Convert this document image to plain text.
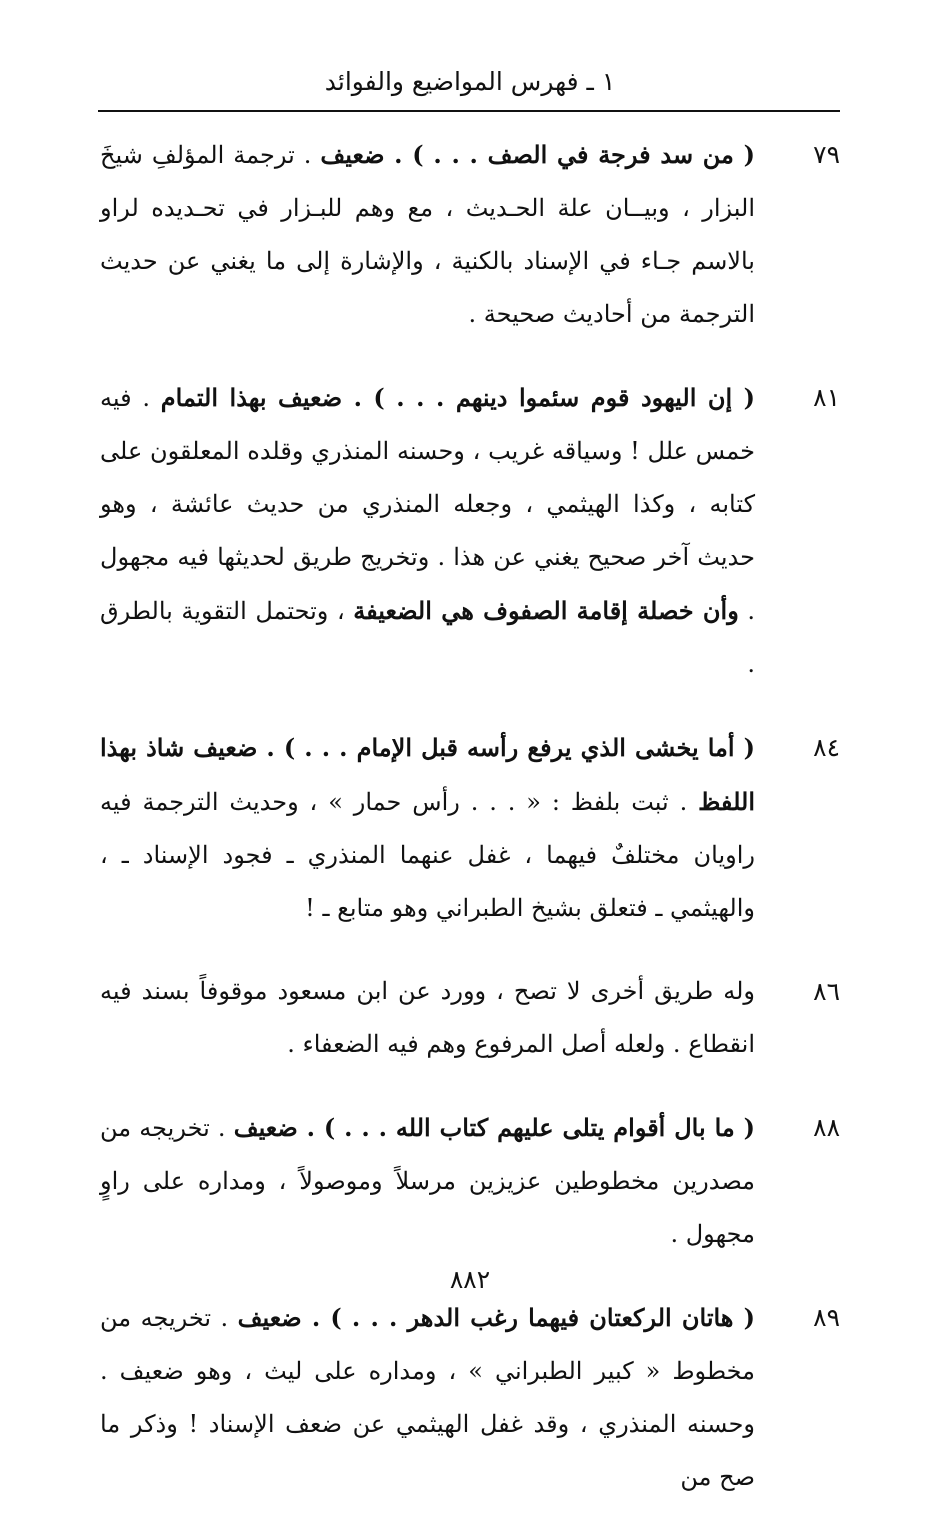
١ ـ فهرس المواضيع والفوائد
٧٩
( من سد فرجة في الصف . . . ) . ضعيف . ترجمة المؤلفِ شيخَ البزار ، وبيــان علة الحـديث ، مع وهم للبـزار في تحـديده لراو بالاسم جـاء في الإسناد بالكنية ، والإشارة إلى ما يغني عن حديث الترجمة من أحاديث صحيحة .
٨١
( إن اليهود قوم سئموا دينهم . . . ) . ضعيف بهذا التمام . فيه خمس علل ! وسياقه غريب ، وحسنه المنذري وقلده المعلقون على كتابه ، وكذا الهيثمي ، وجعله المنذري من حديث عائشة ، وهو حديث آخر صحيح يغني عن هذا . وتخريج طريق لحديثها فيه مجهول . وأن خصلة إقامة الصفوف هي الضعيفة ، وتحتمل التقوية بالطرق .
٨٤
( أما يخشى الذي يرفع رأسه قبل الإمام . . . ) . ضعيف شاذ بهذا اللفظ . ثبت بلفظ : « . . . رأس حمار » ، وحديث الترجمة فيه راويان مختلفٌ فيهما ، غفل عنهما المنذري ـ فجود الإسناد ـ ، والهيثمي ـ فتعلق بشيخ الطبراني وهو متابع ـ !
٨٦
وله طريق أخرى لا تصح ، وورد عن ابن مسعود موقوفاً بسند فيه انقطاع . ولعله أصل المرفوع وهم فيه الضعفاء .
٨٨
( ما بال أقوام يتلى عليهم كتاب الله . . . ) . ضعيف . تخريجه من مصدرين مخطوطين عزيزين مرسلاً وموصولاً ، ومداره على راوٍ مجهول .
٨٩
( هاتان الركعتان فيهما رغب الدهر . . . ) . ضعيف . تخريجه من مخطوط « كبير الطبراني » ، ومداره على ليث ، وهو ضعيف . وحسنه المنذري ، وقد غفل الهيثمي عن ضعف الإسناد ! وذكر ما صح من
٨٨٢
